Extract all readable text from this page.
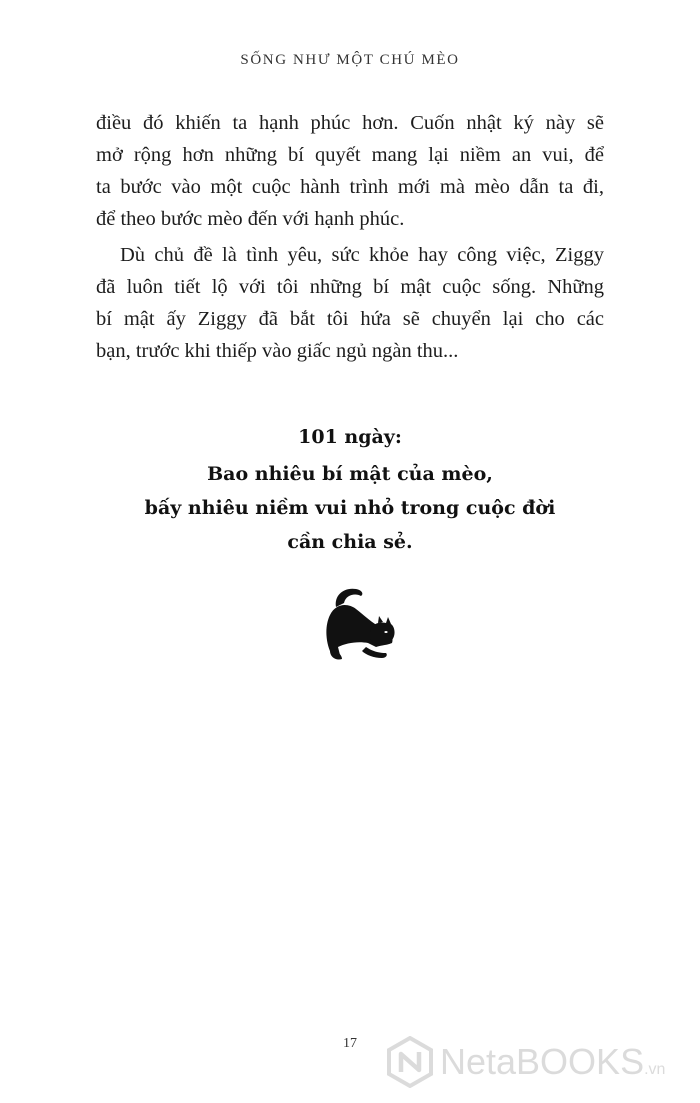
SỐNG NHƯ MỘT CHÚ MÈO

điều đó khiến ta hạnh phúc hơn. Cuốn nhật ký này sẽ
mở rộng hơn những bí quyết mang lại niềm an vui, để
ta bước vào một cuộc hành trình mới mà mèo dẫn ta đi,
để theo bước mèo đến với hạnh phúc.

Dù chủ đề là tình yêu, sức khỏe hay công việc, Ziggy
đã luôn tiết lộ với tôi những bí mật cuộc sống. Những
bí mật ấy Ziggy đã bắt tôi hứa sẽ chuyển lại cho các
bạn, trước khi thiếp vào giấc ngủ ngàn thu...

101 ngày:
Bao nhiêu bí mật của mèo,
bấy nhiêu niềm vui nhỏ trong cuộc đời
cần chia sẻ.
17	NetaBOOKS.vn
